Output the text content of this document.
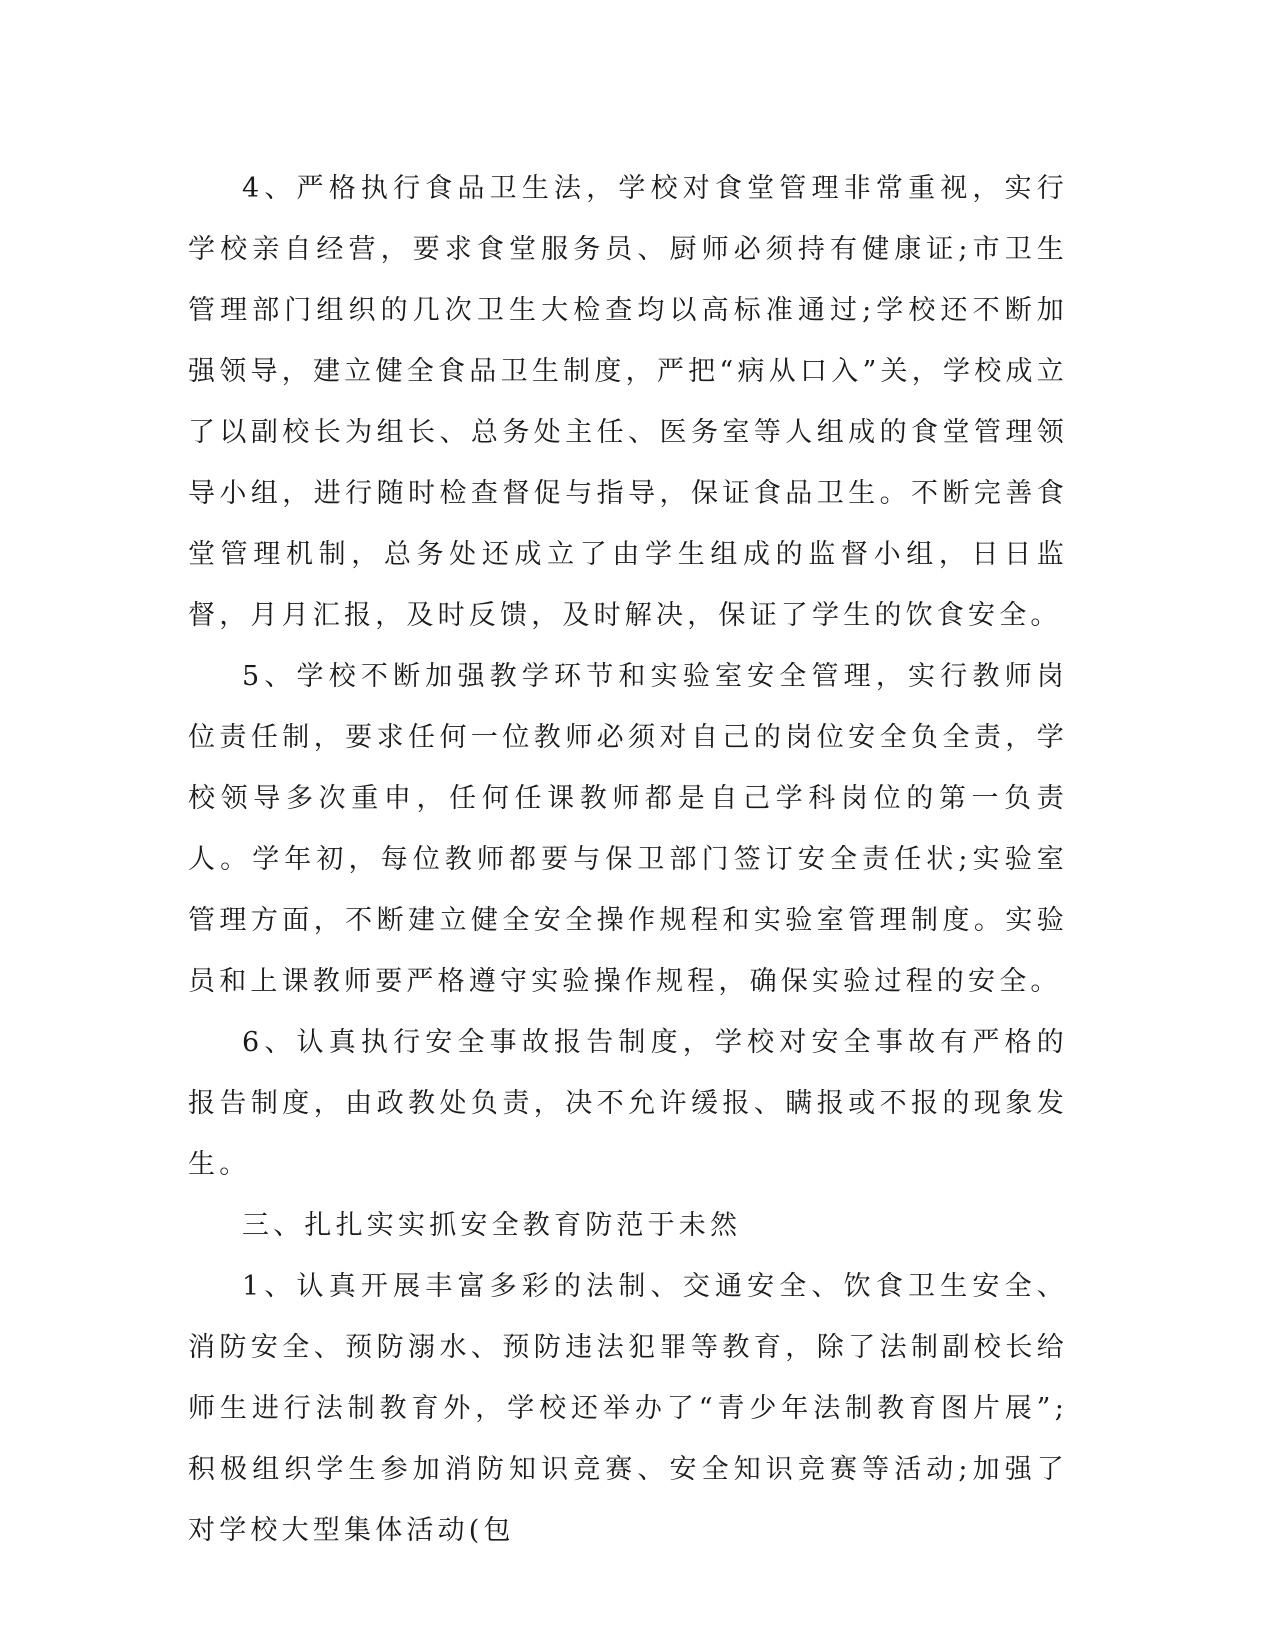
4、严格执行食品卫生法，学校对食堂管理非常重视，实行学校亲自经营，要求食堂服务员、厨师必须持有健康证;市卫生管理部门组织的几次卫生大检查均以高标准通过;学校还不断加强领导，建立健全食品卫生制度，严把“病从口入”关，学校成立了以副校长为组长、总务处主任、医务室等人组成的食堂管理领导小组，进行随时检查督促与指导，保证食品卫生。不断完善食堂管理机制，总务处还成立了由学生组成的监督小组，日日监督，月月汇报，及时反馈，及时解决，保证了学生的饮食安全。

5、学校不断加强教学环节和实验室安全管理，实行教师岗位责任制，要求任何一位教师必须对自己的岗位安全负全责，学校领导多次重申，任何任课教师都是自己学科岗位的第一负责人。学年初，每位教师都要与保卫部门签订安全责任状;实验室管理方面，不断建立健全安全操作规程和实验室管理制度。实验员和上课教师要严格遵守实验操作规程，确保实验过程的安全。

6、认真执行安全事故报告制度，学校对安全事故有严格的报告制度，由政教处负责，决不允许缓报、瞒报或不报的现象发生。

三、扎扎实实抓安全教育防范于未然

1、认真开展丰富多彩的法制、交通安全、饮食卫生安全、消防安全、预防溺水、预防违法犯罪等教育，除了法制副校长给师生进行法制教育外，学校还举办了“青少年法制教育图片展”;积极组织学生参加消防知识竞赛、安全知识竞赛等活动;加强了对学校大型集体活动(包
